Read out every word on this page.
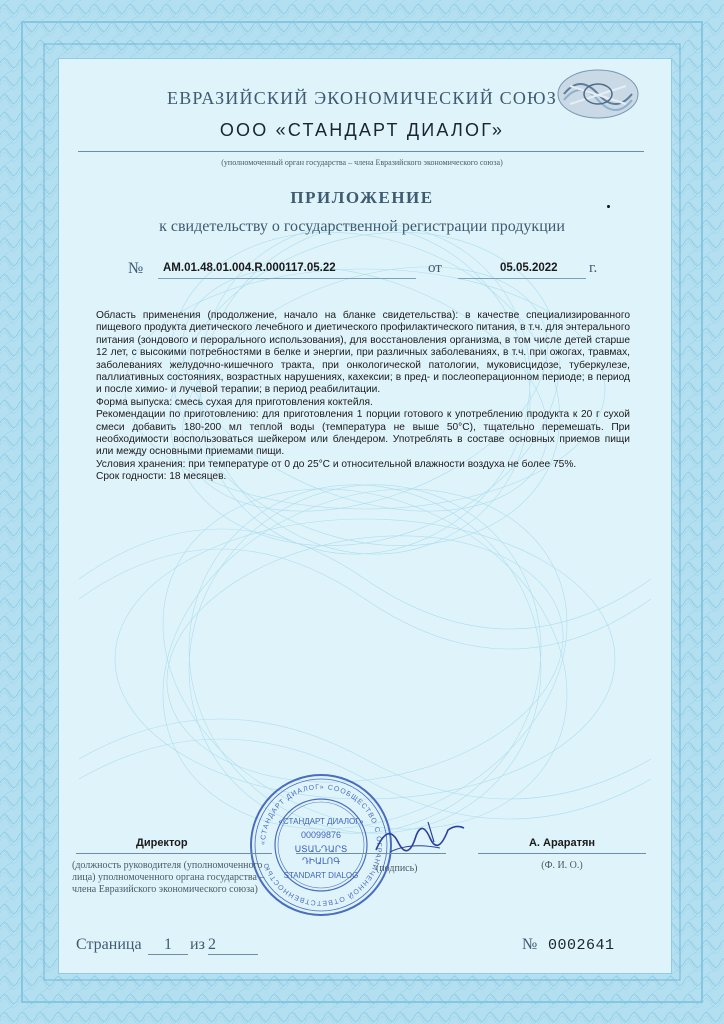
ЕВРАЗИЙСКИЙ ЭКОНОМИЧЕСКИЙ СОЮЗ
ООО «СТАНДАРТ ДИАЛОГ»
(уполномоченный орган государства – члена Евразийского экономического союза)
ПРИЛОЖЕНИЕ
к свидетельству о государственной регистрации продукции
№ AM.01.48.01.004.R.000117.05.22	от	05.05.2022 г.

Область применения (продолжение, начало на бланке свидетельства): в качестве специализированного пищевого продукта диетического лечебного и диетического профилактического питания, в т.ч. для энтерального питания (зондового и перорального использования), для восстановления организма, в том числе детей старше 12 лет, с высокими потребностями в белке и энергии, при различных заболеваниях, в т.ч. при ожогах, травмах, заболеваниях желудочно-кишечного тракта, при онкологической патологии, муковисцидозе, туберкулезе, паллиативных состояниях, возрастных нарушениях, кахексии; в пред- и послеоперационном периоде; в период и после химио- и лучевой терапии; в период реабилитации.

Форма выпуска: смесь сухая для приготовления коктейля.

Рекомендации по приготовлению: для приготовления 1 порции готового к употреблению продукта к 20 г сухой смеси добавить 180-200 мл теплой воды (температура не выше 50°C), тщательно перемешать. При необходимости воспользоваться шейкером или блендером. Употреблять в составе основных приемов пищи или между основными приемами пищи.

Условия хранения: при температуре от 0 до 25°C и относительной влажности воздуха не более 75%.

Срок годности: 18 месяцев.

«СТАНДАРТ ДИАЛОГ» СООБЩЕСТВО С ОГРАНИЧЕННОЙ ОТВЕТСТВЕННОСТЬЮ
«СТАНДАРТ ДИАЛОГ»
00099876
ՍՏԱՆԴԱՐՏ
ԴԻԱԼՈԳ
STANDART DIALOG
Директор	А. Араратян
(должность руководителя (уполномоченного лица) уполномоченного органа государства – члена Евразийского экономического союза)
(подпись)	(Ф. И. О.)
Страница	1	из 2	№ 0002641
